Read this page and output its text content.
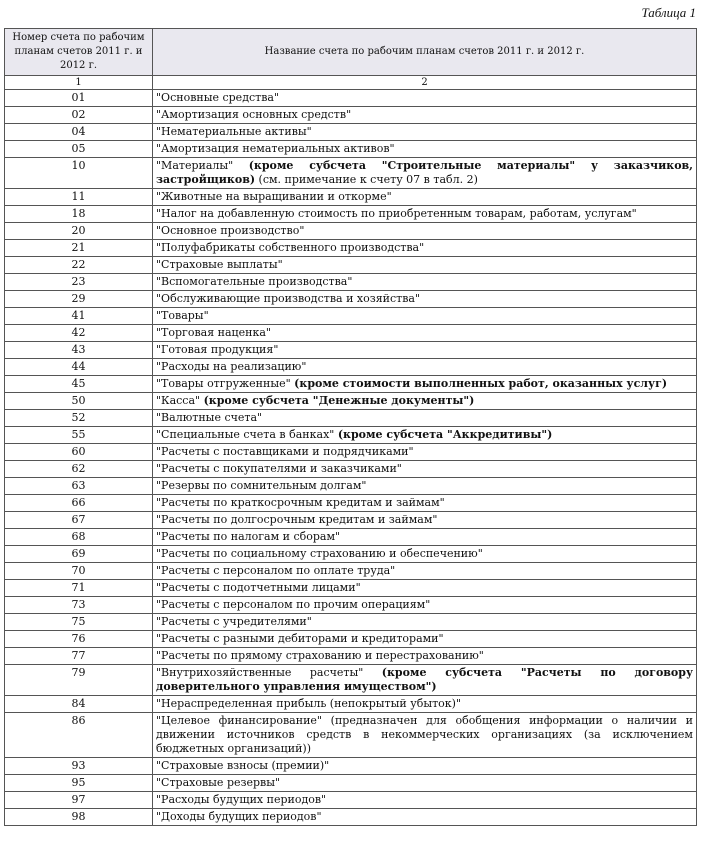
Таблица 1
Номер счета по рабочим планам счетов 2011 г. и 2012 г.	Название счета по рабочим планам счетов 2011 г. и 2012 г.
1	2
01	"Основные средства"
02	"Амортизация основных средств"
04	"Нематериальные активы"
05	"Амортизация нематериальных активов"
10	"Материалы" (кроме субсчета "Строительные материалы" у заказчиков, застройщиков) (см. примечание к счету 07 в табл. 2)
11	"Животные на выращивании и откорме"
18	"Налог на добавленную стоимость по приобретенным товарам, работам, услугам"
20	"Основное производство"
21	"Полуфабрикаты собственного производства"
22	"Страховые выплаты"
23	"Вспомогательные производства"
29	"Обслуживающие производства и хозяйства"
41	"Товары"
42	"Торговая наценка"
43	"Готовая продукция"
44	"Расходы на реализацию"
45	"Товары отгруженные" (кроме стоимости выполненных работ, оказанных услуг)
50	"Касса" (кроме субсчета "Денежные документы")
52	"Валютные счета"
55	"Специальные счета в банках" (кроме субсчета "Аккредитивы")
60	"Расчеты с поставщиками и подрядчиками"
62	"Расчеты с покупателями и заказчиками"
63	"Резервы по сомнительным долгам"
66	"Расчеты по краткосрочным кредитам и займам"
67	"Расчеты по долгосрочным кредитам и займам"
68	"Расчеты по налогам и сборам"
69	"Расчеты по социальному страхованию и обеспечению"
70	"Расчеты с персоналом по оплате труда"
71	"Расчеты с подотчетными лицами"
73	"Расчеты с персоналом по прочим операциям"
75	"Расчеты с учредителями"
76	"Расчеты с разными дебиторами и кредиторами"
77	"Расчеты по прямому страхованию и перестрахованию"
79	"Внутрихозяйственные расчеты" (кроме субсчета "Расчеты по договору доверительного управления имуществом")
84	"Нераспределенная прибыль (непокрытый убыток)"
86	"Целевое финансирование" (предназначен для обобщения информации о наличии и движении источников средств в некоммерческих организациях (за исключением бюджетных организаций))
93	"Страховые взносы (премии)"
95	"Страховые резервы"
97	"Расходы будущих периодов"
98	"Доходы будущих периодов"
